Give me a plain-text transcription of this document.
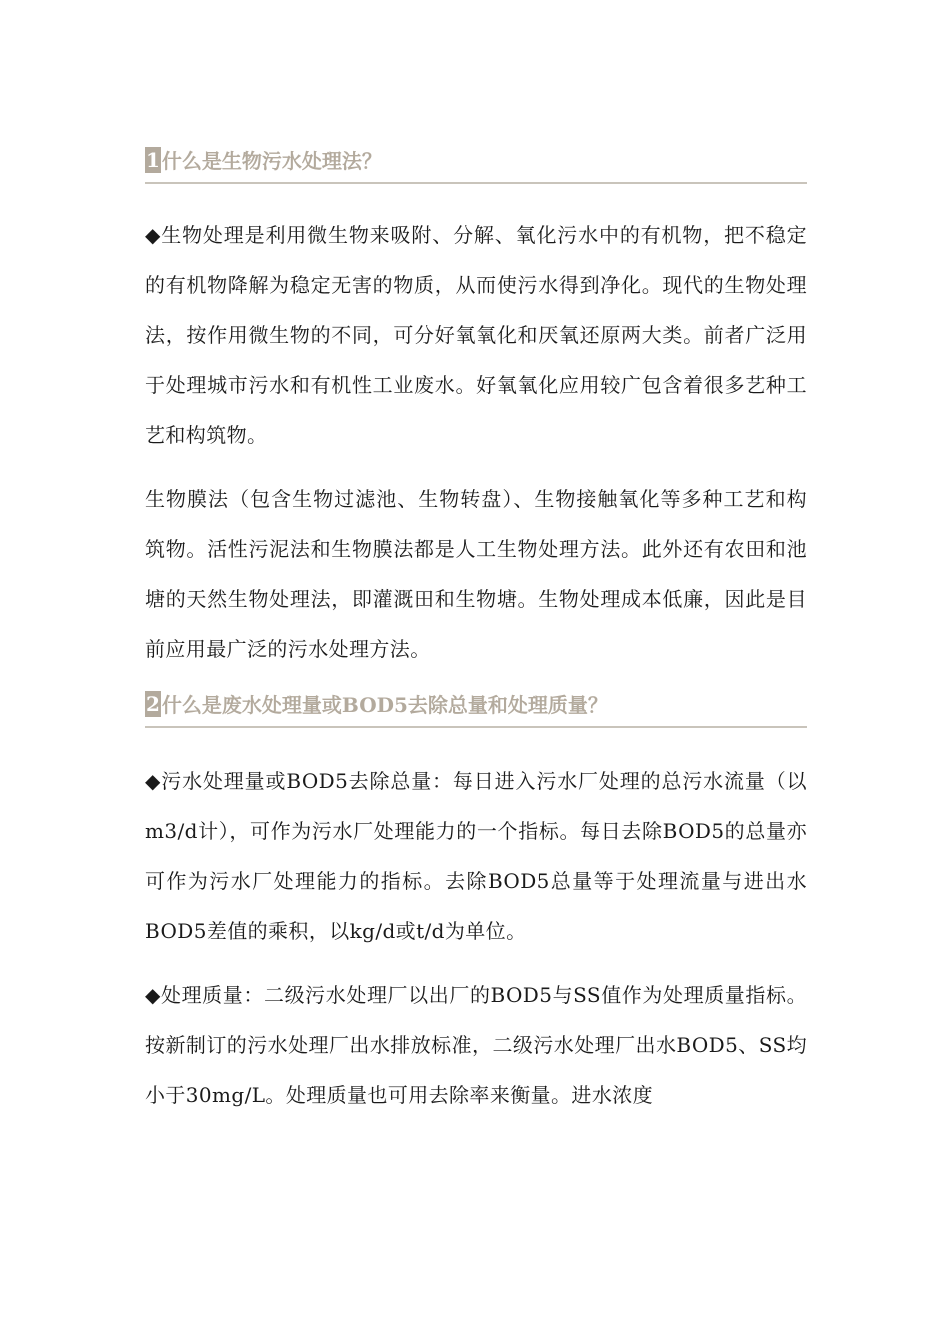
1 什么是生物污水处理法？

◆生物处理是利用微生物来吸附、分解、氧化污水中的有机物，把不稳定的有机物降解为稳定无害的物质，从而使污水得到净化。现代的生物处理法，按作用微生物的不同，可分好氧氧化和厌氧还原两大类。前者广泛用于处理城市污水和有机性工业废水。好氧氧化应用较广包含着很多艺种工艺和构筑物。

生物膜法（包含生物过滤池、生物转盘）、生物接触氧化等多种工艺和构筑物。活性污泥法和生物膜法都是人工生物处理方法。此外还有农田和池塘的天然生物处理法，即灌溉田和生物塘。生物处理成本低廉，因此是目前应用最广泛的污水处理方法。

2 什么是废水处理量或BOD5去除总量和处理质量？

◆污水处理量或BOD5去除总量：每日进入污水厂处理的总污水流量（以m3/d计），可作为污水厂处理能力的一个指标。每日去除BOD5的总量亦可作为污水厂处理能力的指标。去除BOD5总量等于处理流量与进出水BOD5差值的乘积，以kg/d或t/d为单位。

◆处理质量：二级污水处理厂以出厂的BOD5与SS值作为处理质量指标。按新制订的污水处理厂出水排放标准，二级污水处理厂出水BOD5、SS均小于30mg/L。处理质量也可用去除率来衡量。进水浓度
